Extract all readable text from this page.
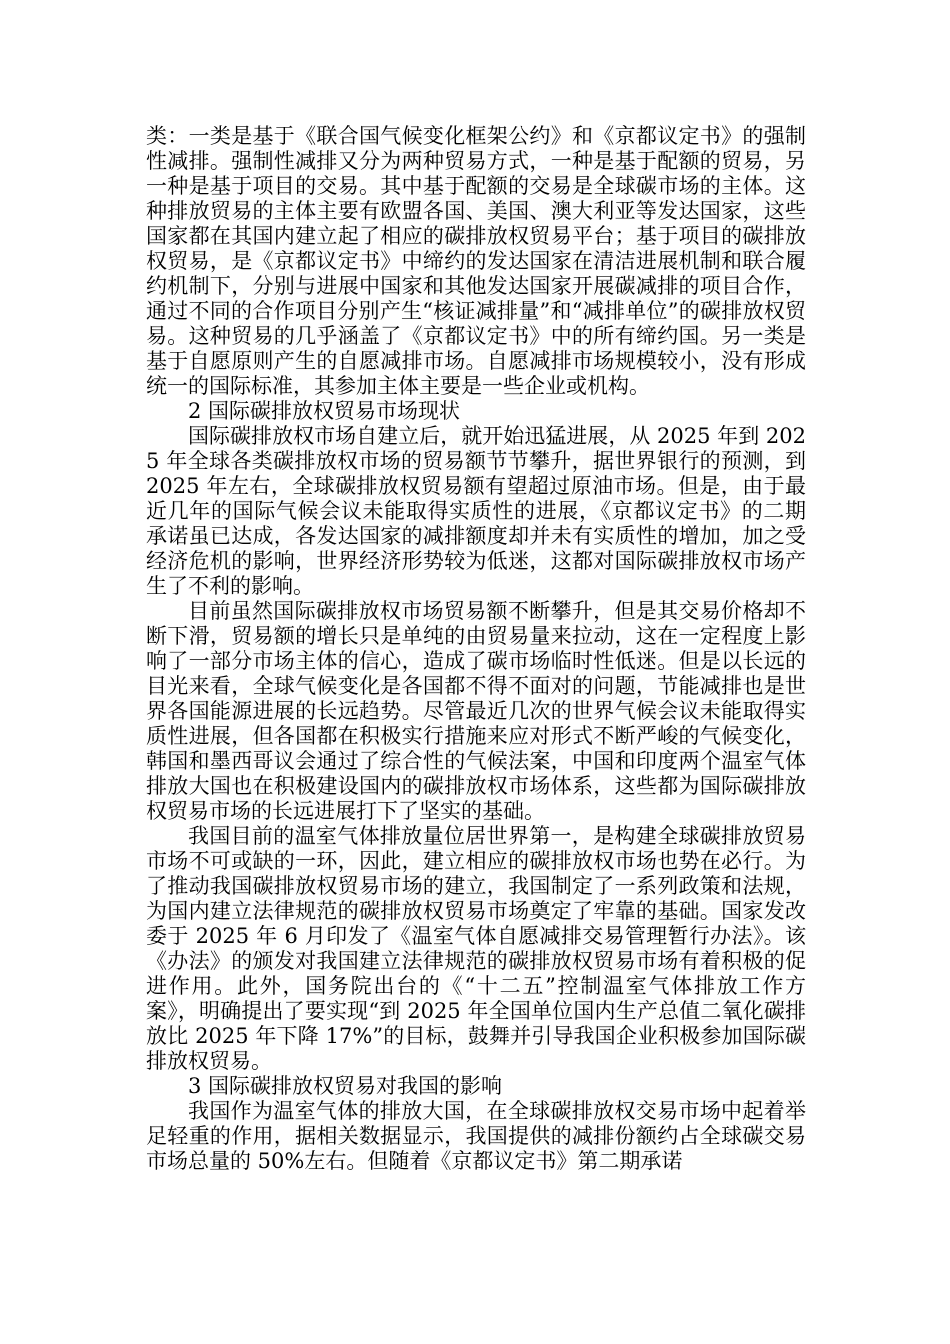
类：一类是基于《联合国气候变化框架公约》和《京都议定书》的强制性减排。强制性减排又分为两种贸易方式，一种是基于配额的贸易，另一种是基于项目的交易。其中基于配额的交易是全球碳市场的主体。这种排放贸易的主体主要有欧盟各国、美国、澳大利亚等发达国家，这些国家都在其国内建立起了相应的碳排放权贸易平台；基于项目的碳排放权贸易，是《京都议定书》中缔约的发达国家在清洁进展机制和联合履约机制下，分别与进展中国家和其他发达国家开展碳减排的项目合作，通过不同的合作项目分别产生“核证减排量”和“减排单位”的碳排放权贸易。这种贸易的几乎涵盖了《京都议定书》中的所有缔约国。另一类是基于自愿原则产生的自愿减排市场。自愿减排市场规模较小，没有形成统一的国际标准，其参加主体主要是一些企业或机构。

2 国际碳排放权贸易市场现状

国际碳排放权市场自建立后，就开始迅猛进展，从 2025 年到 2025 年全球各类碳排放权市场的贸易额节节攀升，据世界银行的预测，到 2025 年左右，全球碳排放权贸易额有望超过原油市场。但是，由于最近几年的国际气候会议未能取得实质性的进展，《京都议定书》的二期承诺虽已达成，各发达国家的减排额度却并未有实质性的增加，加之受经济危机的影响，世界经济形势较为低迷，这都对国际碳排放权市场产生了不利的影响。

目前虽然国际碳排放权市场贸易额不断攀升，但是其交易价格却不断下滑，贸易额的增长只是单纯的由贸易量来拉动，这在一定程度上影响了一部分市场主体的信心，造成了碳市场临时性低迷。但是以长远的目光来看，全球气候变化是各国都不得不面对的问题，节能减排也是世界各国能源进展的长远趋势。尽管最近几次的世界气候会议未能取得实质性进展，但各国都在积极实行措施来应对形式不断严峻的气候变化，韩国和墨西哥议会通过了综合性的气候法案，中国和印度两个温室气体排放大国也在积极建设国内的碳排放权市场体系，这些都为国际碳排放权贸易市场的长远进展打下了坚实的基础。

我国目前的温室气体排放量位居世界第一，是构建全球碳排放贸易市场不可或缺的一环，因此，建立相应的碳排放权市场也势在必行。为了推动我国碳排放权贸易市场的建立，我国制定了一系列政策和法规，为国内建立法律规范的碳排放权贸易市场奠定了牢靠的基础。国家发改委于 2025 年 6 月印发了《温室气体自愿减排交易管理暂行办法》。该《办法》的颁发对我国建立法律规范的碳排放权贸易市场有着积极的促进作用。此外，国务院出台的《“十二五”控制温室气体排放工作方案》，明确提出了要实现“到 2025 年全国单位国内生产总值二氧化碳排放比 2025 年下降 17%”的目标，鼓舞并引导我国企业积极参加国际碳排放权贸易。

3 国际碳排放权贸易对我国的影响

我国作为温室气体的排放大国，在全球碳排放权交易市场中起着举足轻重的作用，据相关数据显示，我国提供的减排份额约占全球碳交易市场总量的 50%左右。但随着《京都议定书》第二期承诺
